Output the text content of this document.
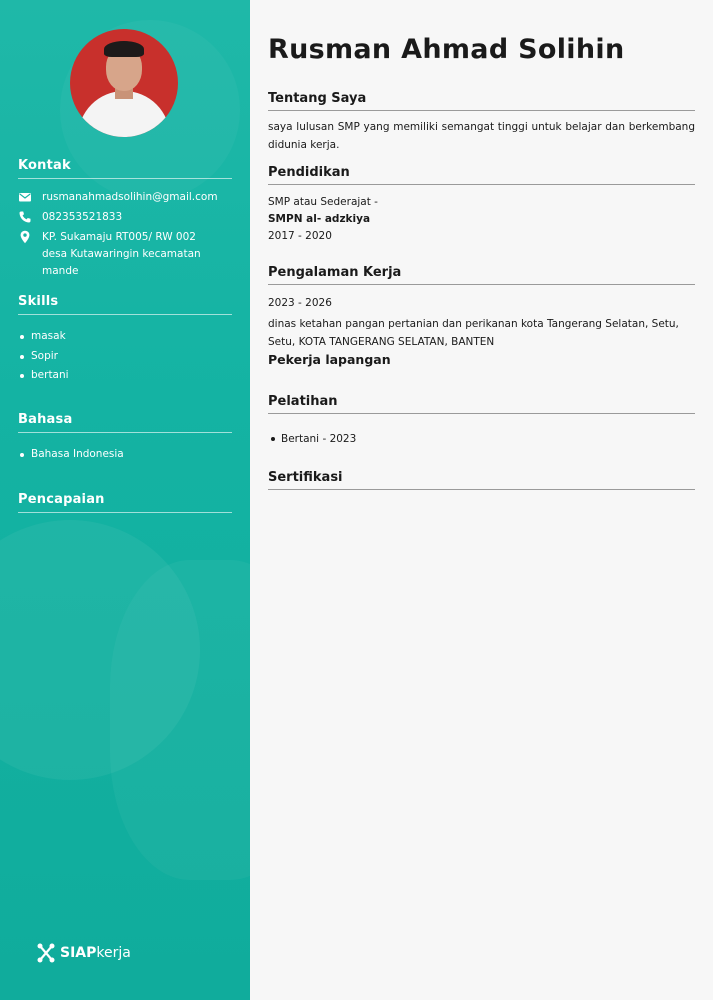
Kontak
rusmanahmadsolihin@gmail.com
082353521833
KP. Sukamaju RT005/ RW 002
desa Kutawaringin kecamatan
mande
Skills
masak
Sopir
bertani
Bahasa
Bahasa Indonesia
Pencapaian
SIAPkerja
Rusman Ahmad Solihin
Tentang Saya
saya lulusan SMP yang memiliki semangat tinggi untuk belajar dan berkembang didunia kerja.
Pendidikan
SMP atau Sederajat -
SMPN al- adzkiya
2017 - 2020
Pengalaman Kerja
2023 - 2026
dinas ketahan pangan pertanian dan perikanan kota Tangerang Selatan, Setu, Setu, KOTA TANGERANG SELATAN, BANTEN
Pekerja lapangan
Pelatihan
Bertani - 2023
Sertifikasi
